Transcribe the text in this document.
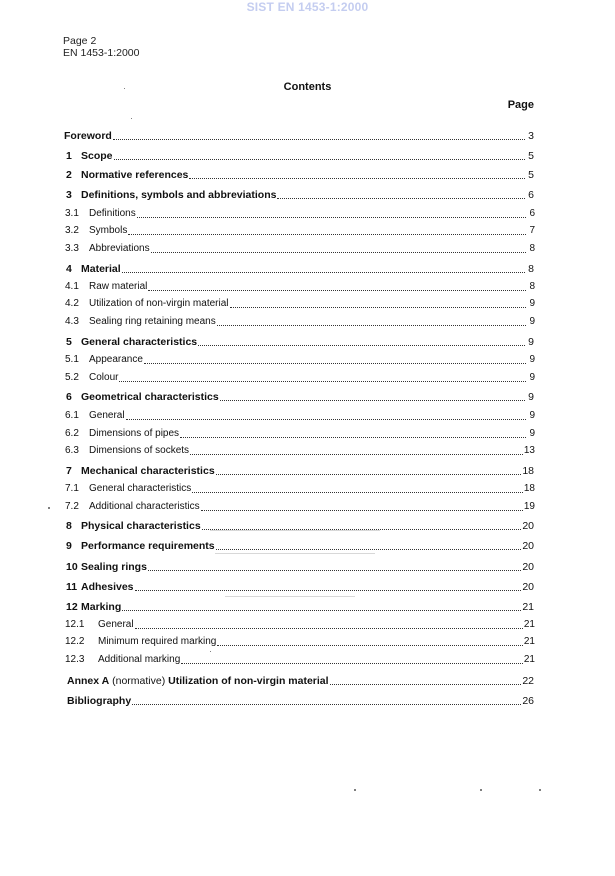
SIST EN 1453-1:2000
Page 2
EN 1453-1:2000
Contents
Page
Foreword	3
1 Scope	5
2 Normative references	5
3 Definitions, symbols and abbreviations	6
3.1	Definitions	6
3.2	Symbols	7
3.3	Abbreviations	8
4 Material	8
4.1	Raw material	8
4.2	Utilization of non-virgin material	9
4.3	Sealing ring retaining means	9
5 General characteristics	9
5.1	Appearance	9
5.2	Colour	9
6 Geometrical characteristics	9
6.1	General	9
6.2	Dimensions of pipes	9
6.3	Dimensions of sockets	13
7 Mechanical characteristics	18
7.1	General characteristics	18
7.2	Additional characteristics	19
8 Physical characteristics	20
9 Performance requirements	20
10 Sealing rings	20
11 Adhesives	20
12 Marking	21
12.1	General	21
12.2	Minimum required marking	21
12.3	Additional marking	21
Annex A (normative) Utilization of non-virgin material	22
Bibliography	26
